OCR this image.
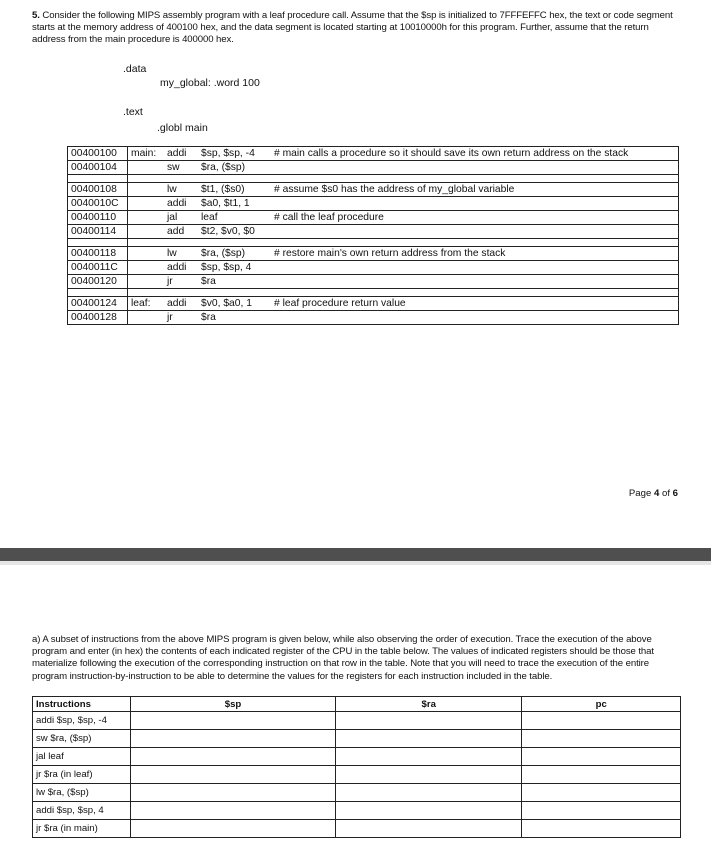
5. Consider the following MIPS assembly program with a leaf procedure call. Assume that the $sp is initialized to 7FFFEFFC hex, the text or code segment starts at the memory address of 400100 hex, and the data segment is located starting at 10010000h for this program. Further, assume that the return address from the main procedure is 400000 hex.
.data
my_global: .word 100
.text
.globl main
00400100	main: addi $sp, $sp, -4 # main calls a procedure so it should save its own return address on the stack
00400104	sw $ra, ($sp)

00400108	lw $t1, ($s0) # assume $s0 has the address of my_global variable
0040010C	addi $a0, $t1, 1
00400110	jal leaf # call the leaf procedure
00400114	add $t2, $v0, $0

00400118	lw $ra, ($sp) # restore main's own return address from the stack
0040011C	addi $sp, $sp, 4
00400120	jr $ra

00400124	leaf: addi $v0, $a0, 1 # leaf procedure return value
00400128	jr $ra
Page 4 of 6
a) A subset of instructions from the above MIPS program is given below, while also observing the order of execution. Trace the execution of the above program and enter (in hex) the contents of each indicated register of the CPU in the table below. The values of indicated registers should be those that materialize following the execution of the corresponding instruction on that row in the table. Note that you will need to trace the execution of the entire program instruction-by-instruction to be able to determine the values for the registers for each instruction included in the table.
Instructions	$sp	$ra	pc
addi $sp, $sp, -4			
sw $ra, ($sp)			
jal leaf			
jr $ra (in leaf)			
lw $ra, ($sp)			
addi $sp, $sp, 4			
jr $ra (in main)			
